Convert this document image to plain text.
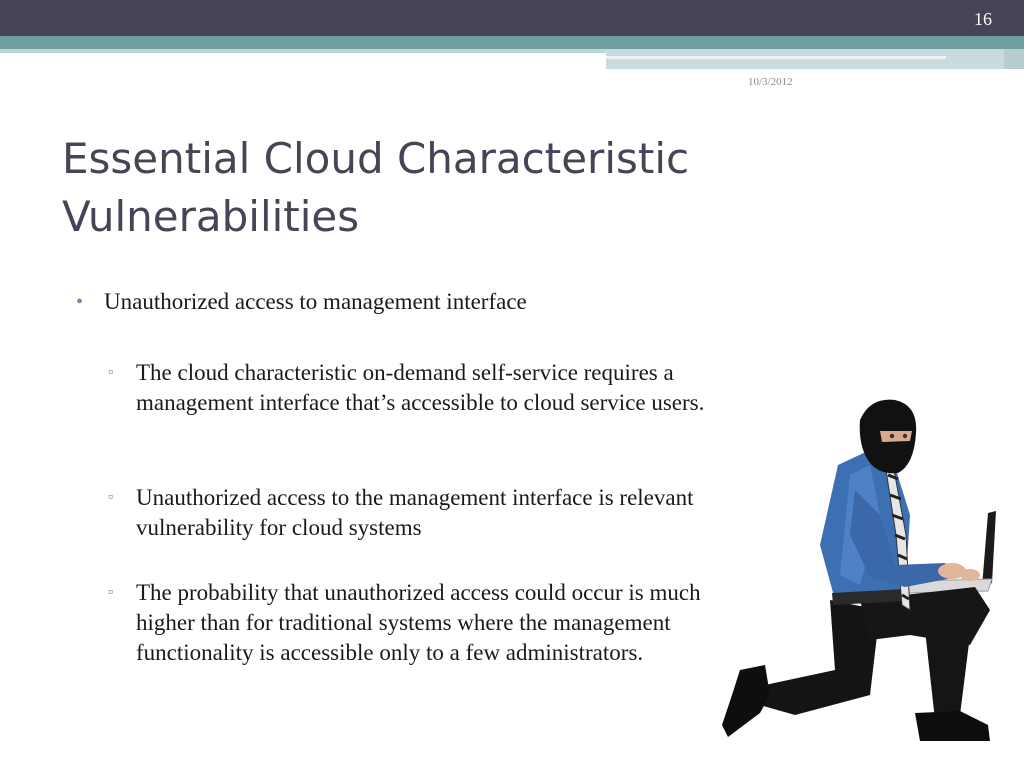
16
10/3/2012
Essential Cloud Characteristic
Vulnerabilities
• Unauthorized access to management interface
▫ The cloud characteristic on-demand self-service requires a management interface that’s accessible to cloud service users.
▫ Unauthorized access to the management interface is relevant vulnerability for cloud systems
▫ The probability that unauthorized access could occur is much higher than for traditional systems where the management functionality is accessible only to a few administrators.
